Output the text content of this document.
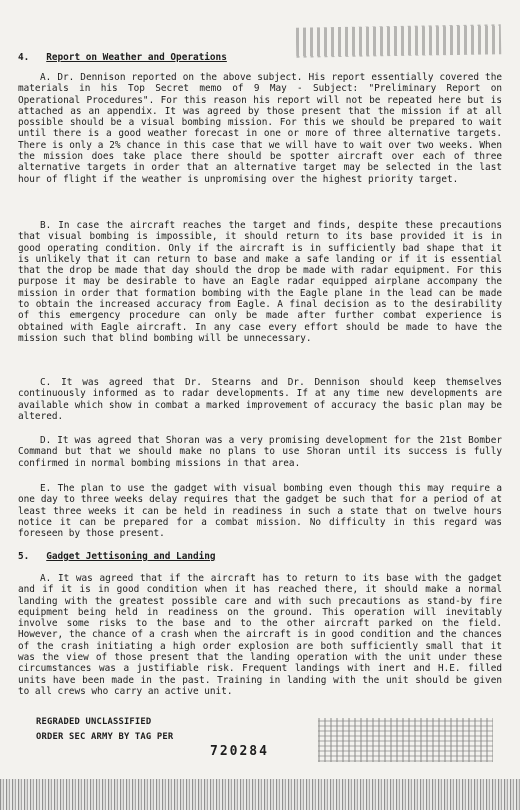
4. Report on Weather and Operations

A. Dr. Dennison reported on the above subject. His report essentially covered the materials in his Top Secret memo of 9 May - Subject: "Preliminary Report on Operational Procedures". For this reason his report will not be repeated here but is attached as an appendix. It was agreed by those present that the mission if at all possible should be a visual bombing mission. For this we should be prepared to wait until there is a good weather forecast in one or more of three alternative targets. There is only a 2% chance in this case that we will have to wait over two weeks. When the mission does take place there should be spotter aircraft over each of three alternative targets in order that an alternative target may be selected in the last hour of flight if the weather is unpromising over the highest priority target.

B. In case the aircraft reaches the target and finds, despite these precautions that visual bombing is impossible, it should return to its base provided it is in good operating condition. Only if the aircraft is in sufficiently bad shape that it is unlikely that it can return to base and make a safe landing or if it is essential that the drop be made that day should the drop be made with radar equipment. For this purpose it may be desirable to have an Eagle radar equipped airplane accompany the mission in order that formation bombing with the Eagle plane in the lead can be made to obtain the increased accuracy from Eagle. A final decision as to the desirability of this emergency procedure can only be made after further combat experience is obtained with Eagle aircraft. In any case every effort should be made to have the mission such that blind bombing will be unnecessary.

C. It was agreed that Dr. Stearns and Dr. Dennison should keep themselves continuously informed as to radar developments. If at any time new developments are available which show in combat a marked improvement of accuracy the basic plan may be altered.

D. It was agreed that Shoran was a very promising development for the 21st Bomber Command but that we should make no plans to use Shoran until its success is fully confirmed in normal bombing missions in that area.

E. The plan to use the gadget with visual bombing even though this may require a one day to three weeks delay requires that the gadget be such that for a period of at least three weeks it can be held in readiness in such a state that on twelve hours notice it can be prepared for a combat mission. No difficulty in this regard was foreseen by those present.

5. Gadget Jettisoning and Landing

A. It was agreed that if the aircraft has to return to its base with the gadget and if it is in good condition when it has reached there, it should make a normal landing with the greatest possible care and with such precautions as stand-by fire equipment being held in readiness on the ground. This operation will inevitably involve some risks to the base and to the other aircraft parked on the field. However, the chance of a crash when the aircraft is in good condition and the chances of the crash initiating a high order explosion are both sufficiently small that it was the view of those present that the landing operation with the unit under these circumstances was a justifiable risk. Frequent landings with inert and H.E. filled units have been made in the past. Training in landing with the unit should be given to all crews who carry an active unit.

REGRADED UNCLASSIFIED
ORDER SEC ARMY BY TAG PER
720284
